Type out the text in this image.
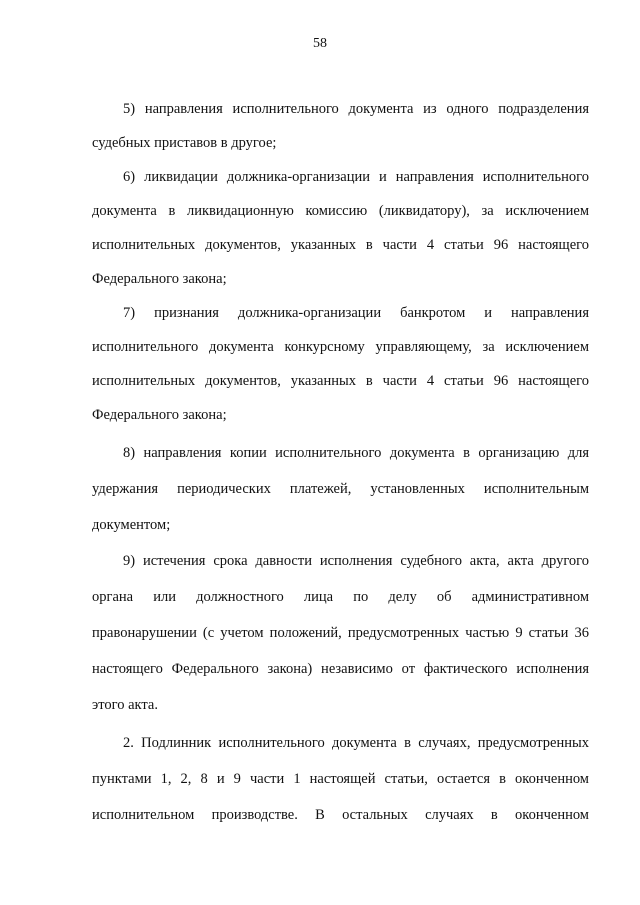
58
5) направления исполнительного документа из одного подразделения
судебных приставов в другое;
6) ликвидации должника-организации и направления исполнительного
документа в ликвидационную комиссию (ликвидатору), за исключением
исполнительных документов, указанных в части 4 статьи 96 настоящего
Федерального закона;
7) признания должника-организации банкротом и направления
исполнительного документа конкурсному управляющему, за исключением
исполнительных документов, указанных в части 4 статьи 96 настоящего
Федерального закона;
8) направления копии исполнительного документа в организацию для
удержания периодических платежей, установленных исполнительным
документом;
9) истечения срока давности исполнения судебного акта, акта другого
органа или должностного лица по делу об административном
правонарушении (с учетом положений, предусмотренных частью 9 статьи 36
настоящего Федерального закона) независимо от фактического исполнения
этого акта.
2. Подлинник исполнительного документа в случаях, предусмотренных
пунктами 1, 2, 8 и 9 части 1 настоящей статьи, остается в оконченном
исполнительном производстве. В остальных случаях в оконченном
